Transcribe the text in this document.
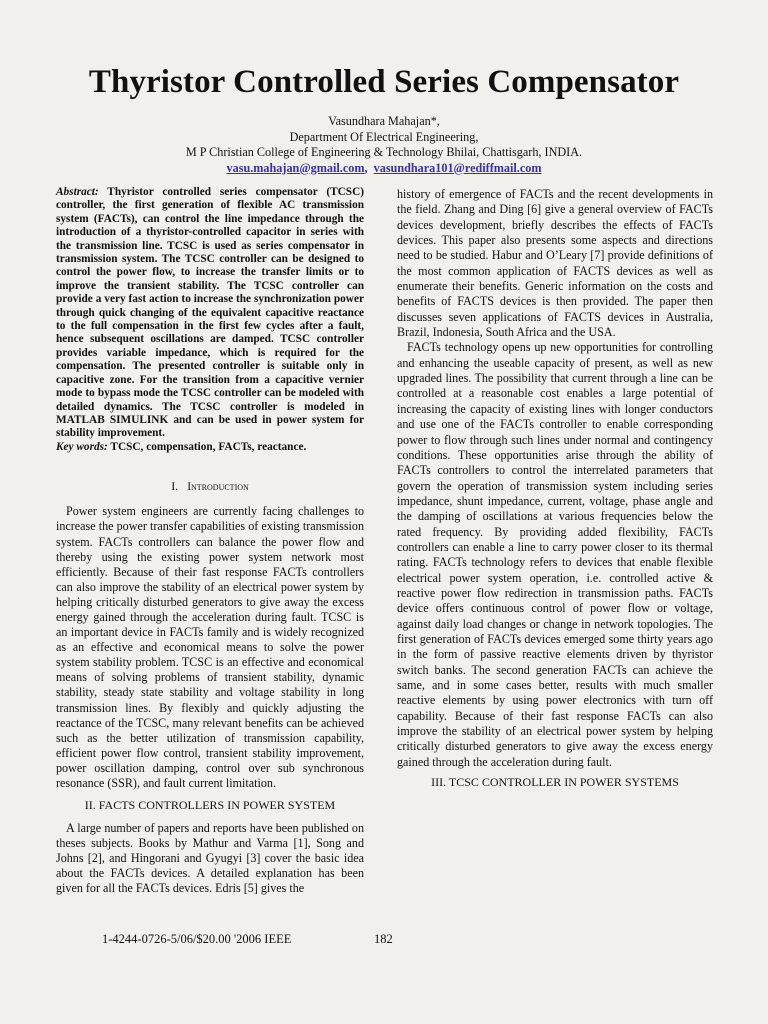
Thyristor Controlled Series Compensator
Vasundhara Mahajan*,
Department Of Electrical Engineering,
M P Christian College of Engineering & Technology Bhilai, Chattisgarh, INDIA.
vasu.mahajan@gmail.com, vasundhara101@rediffmail.com

Abstract: Thyristor controlled series compensator (TCSC) controller, the first generation of flexible AC transmission system (FACTs), can control the line impedance through the introduction of a thyristor-controlled capacitor in series with the transmission line. TCSC is used as series compensator in transmission system. The TCSC controller can be designed to control the power flow, to increase the transfer limits or to improve the transient stability. The TCSC controller can provide a very fast action to increase the synchronization power through quick changing of the equivalent capacitive reactance to the full compensation in the first few cycles after a fault, hence subsequent oscillations are damped. TCSC controller provides variable impedance, which is required for the compensation. The presented controller is suitable only in capacitive zone. For the transition from a capacitive vernier mode to bypass mode the TCSC controller can be modeled with detailed dynamics. The TCSC controller is modeled in MATLAB SIMULINK and can be used in power system for stability improvement.

Key words: TCSC, compensation, FACTs, reactance.

I. Introduction

Power system engineers are currently facing challenges to increase the power transfer capabilities of existing transmission system. FACTs controllers can balance the power flow and thereby using the existing power system network most efficiently. Because of their fast response FACTs controllers can also improve the stability of an electrical power system by helping critically disturbed generators to give away the excess energy gained through the acceleration during fault. TCSC is an important device in FACTs family and is widely recognized as an effective and economical means to solve the power system stability problem. TCSC is an effective and economical means of solving problems of transient stability, dynamic stability, steady state stability and voltage stability in long transmission lines. By flexibly and quickly adjusting the reactance of the TCSC, many relevant benefits can be achieved such as the better utilization of transmission capability, efficient power flow control, transient stability improvement, power oscillation damping, control over sub synchronous resonance (SSR), and fault current limitation.

II. FACTS CONTROLLERS IN POWER SYSTEM

A large number of papers and reports have been published on theses subjects. Books by Mathur and Varma [1], Song and Johns [2], and Hingorani and Gyugyi [3] cover the basic idea about the FACTs devices. A detailed explanation has been given for all the FACTs devices. Edris [5] gives the

history of emergence of FACTs and the recent developments in the field. Zhang and Ding [6] give a general overview of FACTs devices development, briefly describes the effects of FACTs devices. This paper also presents some aspects and directions need to be studied. Habur and O’Leary [7] provide definitions of the most common application of FACTS devices as well as enumerate their benefits. Generic information on the costs and benefits of FACTS devices is then provided. The paper then discusses seven applications of FACTS devices in Australia, Brazil, Indonesia, South Africa and the USA.

FACTs technology opens up new opportunities for controlling and enhancing the useable capacity of present, as well as new upgraded lines. The possibility that current through a line can be controlled at a reasonable cost enables a large potential of increasing the capacity of existing lines with longer conductors and use one of the FACTs controller to enable corresponding power to flow through such lines under normal and contingency conditions. These opportunities arise through the ability of FACTs controllers to control the interrelated parameters that govern the operation of transmission system including series impedance, shunt impedance, current, voltage, phase angle and the damping of oscillations at various frequencies below the rated frequency. By providing added flexibility, FACTs controllers can enable a line to carry power closer to its thermal rating. FACTs technology refers to devices that enable flexible electrical power system operation, i.e. controlled active & reactive power flow redirection in transmission paths. FACTs device offers continuous control of power flow or voltage, against daily load changes or change in network topologies. The first generation of FACTs devices emerged some thirty years ago in the form of passive reactive elements driven by thyristor switch banks. The second generation FACTs can achieve the same, and in some cases better, results with much smaller reactive elements by using power electronics with turn off capability. Because of their fast response FACTs can also improve the stability of an electrical power system by helping critically disturbed generators to give away the excess energy gained through the acceleration during fault.

III. TCSC CONTROLLER IN POWER SYSTEMS

1-4244-0726-5/06/$20.00 '2006 IEEE	182
